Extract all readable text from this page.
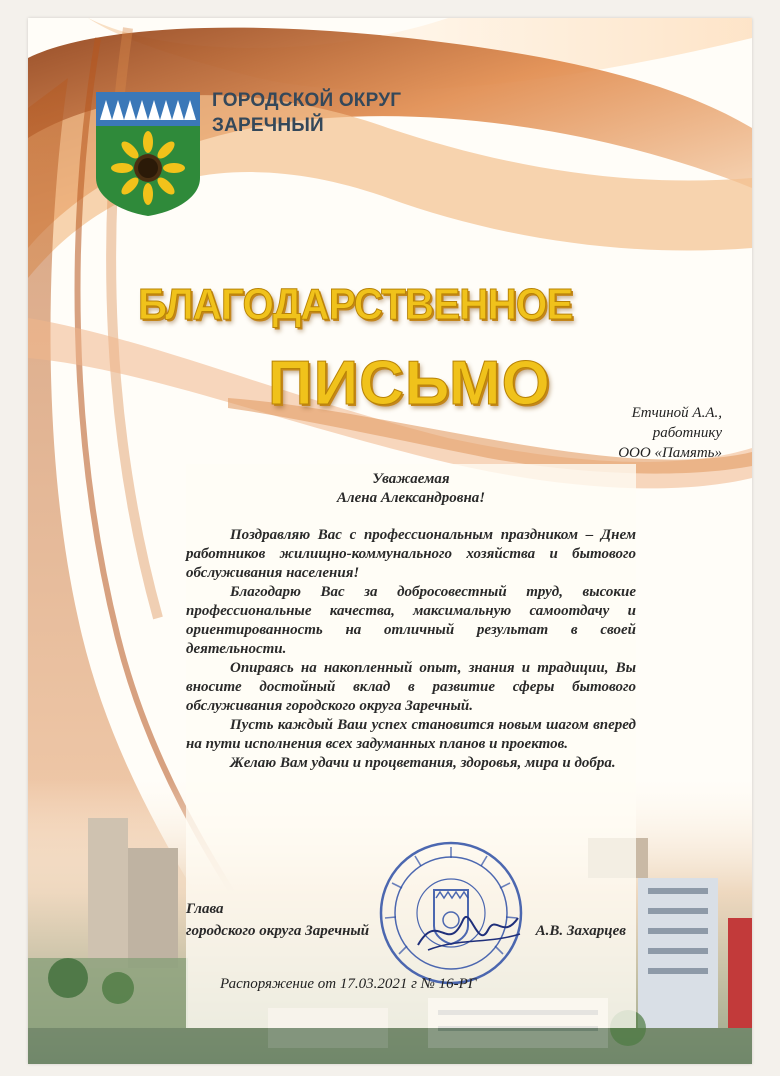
ГОРОДСКОЙ ОКРУГ
ЗАРЕЧНЫЙ
БЛАГОДАРСТВЕННОЕ
ПИСЬМО	Етчиной А.А.,
работнику
ООО «Память»
Уважаемая
Алена Александровна!

Поздравляю Вас с профессиональным праздником – Днем работников жилищно-коммунального хозяйства и бытового обслуживания населения!

Благодарю Вас за добросовестный труд, высокие профессиональные качества, максимальную самоотдачу и ориентированность на отличный результат в своей деятельности.

Опираясь на накопленный опыт, знания и традиции, Вы вносите достойный вклад в развитие сферы бытового обслуживания городского округа Заречный.

Пусть каждый Ваш успех становится новым шагом вперед на пути исполнения всех задуманных планов и проектов.

Желаю Вам удачи и процветания, здоровья, мира и добра.

Глава
городского округа Заречный	А.В. Захарцев
Распоряжение от 17.03.2021 г № 16-РГ
